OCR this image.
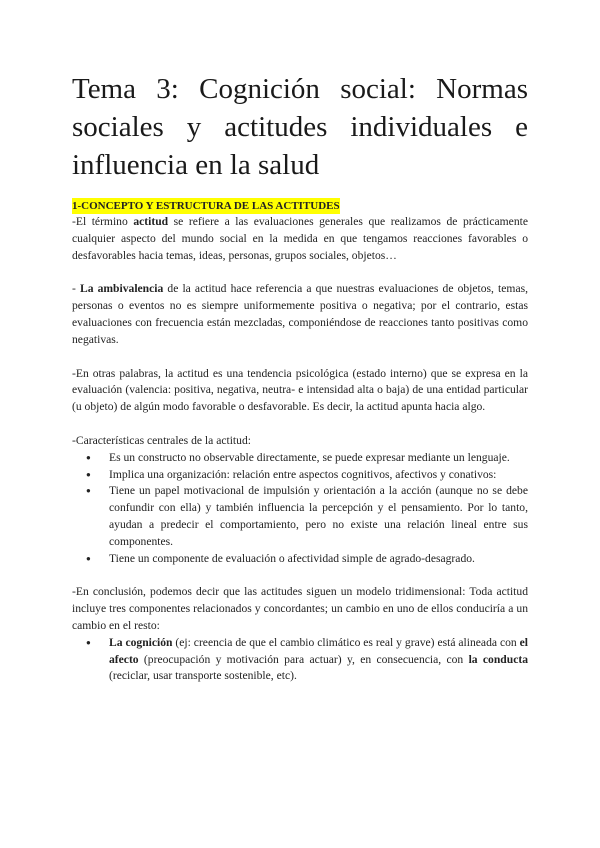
Tema 3: Cognición social: Normas sociales y actitudes individuales e influencia en la salud
1-CONCEPTO Y ESTRUCTURA DE LAS ACTITUDES

-El término actitud se refiere a las evaluaciones generales que realizamos de prácticamente cualquier aspecto del mundo social en la medida en que tengamos reacciones favorables o desfavorables hacia temas, ideas, personas, grupos sociales, objetos…

- La ambivalencia de la actitud hace referencia a que nuestras evaluaciones de objetos, temas, personas o eventos no es siempre uniformemente positiva o negativa; por el contrario, estas evaluaciones con frecuencia están mezcladas, componiéndose de reacciones tanto positivas como negativas.

-En otras palabras, la actitud es una tendencia psicológica (estado interno) que se expresa en la evaluación (valencia: positiva, negativa, neutra- e intensidad alta o baja) de una entidad particular (u objeto) de algún modo favorable o desfavorable. Es decir, la actitud apunta hacia algo.

-Características centrales de la actitud:

● Es un constructo no observable directamente, se puede expresar mediante un lenguaje.
● Implica una organización: relación entre aspectos cognitivos, afectivos y conativos:
● Tiene un papel motivacional de impulsión y orientación a la acción (aunque no se debe confundir con ella) y también influencia la percepción y el pensamiento. Por lo tanto, ayudan a predecir el comportamiento, pero no existe una relación lineal entre sus componentes.
● Tiene un componente de evaluación o afectividad simple de agrado-desagrado.

-En conclusión, podemos decir que las actitudes siguen un modelo tridimensional: Toda actitud incluye tres componentes relacionados y concordantes; un cambio en uno de ellos conduciría a un cambio en el resto:

● La cognición (ej: creencia de que el cambio climático es real y grave) está alineada con el afecto (preocupación y motivación para actuar) y, en consecuencia, con la conducta (reciclar, usar transporte sostenible, etc).
